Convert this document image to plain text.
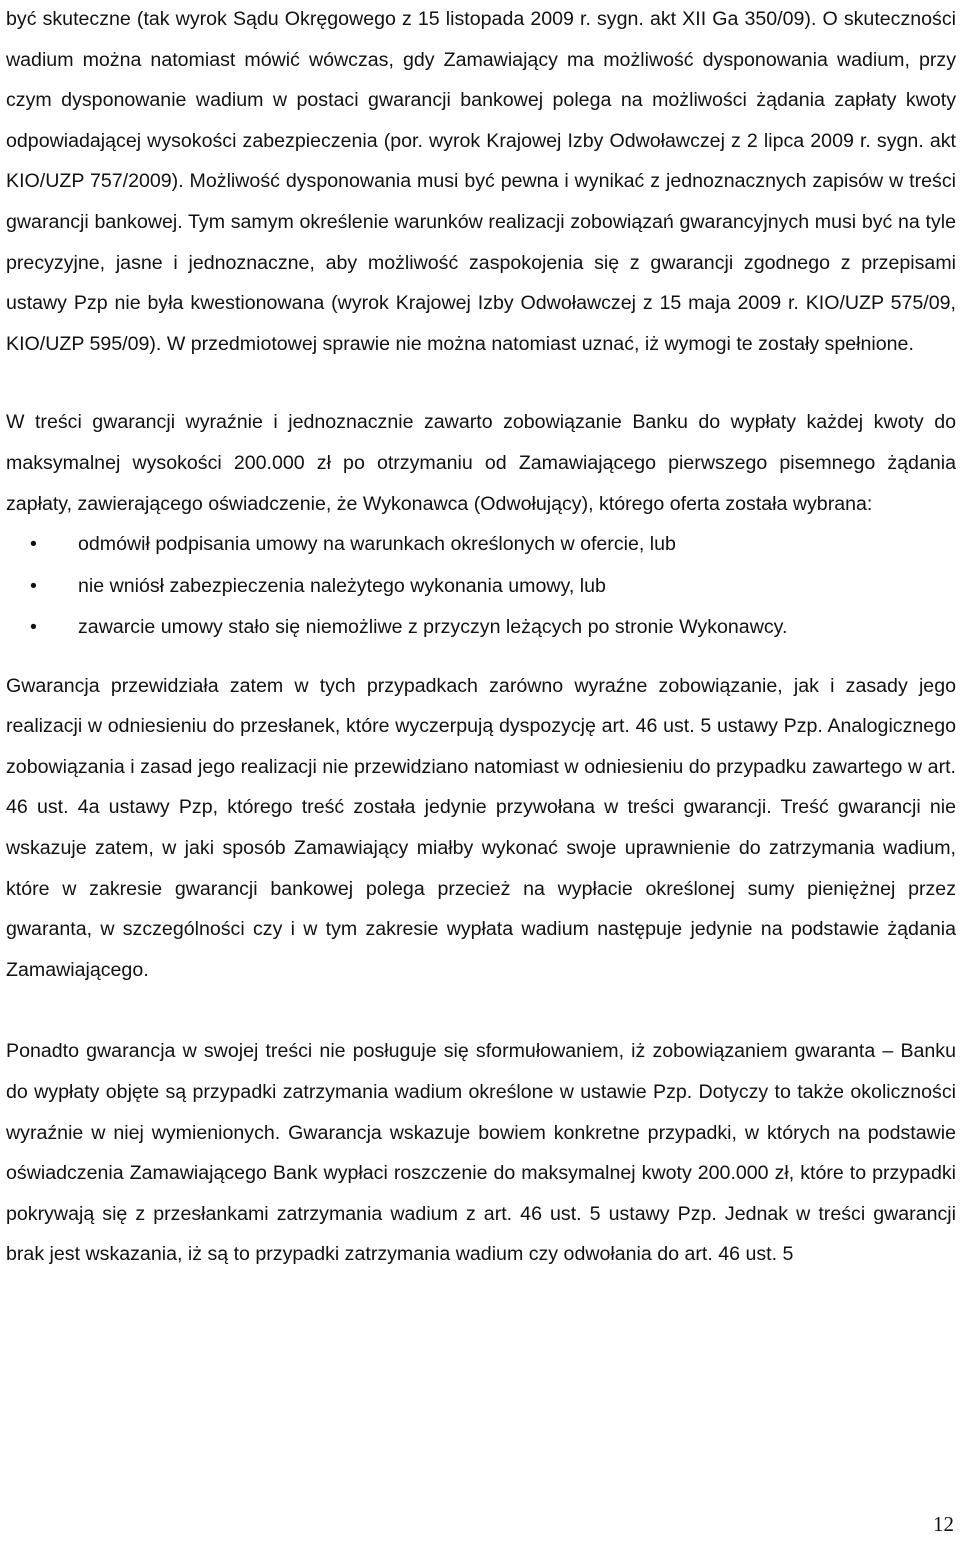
być skuteczne (tak wyrok Sądu Okręgowego z 15 listopada 2009 r. sygn. akt XII Ga 350/09). O skuteczności wadium można natomiast mówić wówczas, gdy Zamawiający ma możliwość dysponowania wadium, przy czym dysponowanie wadium w postaci gwarancji bankowej polega na możliwości żądania zapłaty kwoty odpowiadającej wysokości zabezpieczenia (por. wyrok Krajowej Izby Odwoławczej z 2 lipca 2009 r. sygn. akt KIO/UZP 757/2009). Możliwość dysponowania musi być pewna i wynikać z jednoznacznych zapisów w treści gwarancji bankowej. Tym samym określenie warunków realizacji zobowiązań gwarancyjnych musi być na tyle precyzyjne, jasne i jednoznaczne, aby możliwość zaspokojenia się z gwarancji zgodnego z przepisami ustawy Pzp nie była kwestionowana (wyrok Krajowej Izby Odwoławczej z 15 maja 2009 r. KIO/UZP 575/09, KIO/UZP 595/09). W przedmiotowej sprawie nie można natomiast uznać, iż wymogi te zostały spełnione.

W treści gwarancji wyraźnie i jednoznacznie zawarto zobowiązanie Banku do wypłaty każdej kwoty do maksymalnej wysokości 200.000 zł po otrzymaniu od Zamawiającego pierwszego pisemnego żądania zapłaty, zawierającego oświadczenie, że Wykonawca (Odwołujący), którego oferta została wybrana:

• odmówił podpisania umowy na warunkach określonych w ofercie, lub
• nie wniósł zabezpieczenia należytego wykonania umowy, lub
• zawarcie umowy stało się niemożliwe z przyczyn leżących po stronie Wykonawcy.

Gwarancja przewidziała zatem w tych przypadkach zarówno wyraźne zobowiązanie, jak i zasady jego realizacji w odniesieniu do przesłanek, które wyczerpują dyspozycję art. 46 ust. 5 ustawy Pzp. Analogicznego zobowiązania i zasad jego realizacji nie przewidziano natomiast w odniesieniu do przypadku zawartego w art. 46 ust. 4a ustawy Pzp, którego treść została jedynie przywołana w treści gwarancji. Treść gwarancji nie wskazuje zatem, w jaki sposób Zamawiający miałby wykonać swoje uprawnienie do zatrzymania wadium, które w zakresie gwarancji bankowej polega przecież na wypłacie określonej sumy pieniężnej przez gwaranta, w szczególności czy i w tym zakresie wypłata wadium następuje jedynie na podstawie żądania Zamawiającego.

Ponadto gwarancja w swojej treści nie posługuje się sformułowaniem, iż zobowiązaniem gwaranta – Banku do wypłaty objęte są przypadki zatrzymania wadium określone w ustawie Pzp. Dotyczy to także okoliczności wyraźnie w niej wymienionych. Gwarancja wskazuje bowiem konkretne przypadki, w których na podstawie oświadczenia Zamawiającego Bank wypłaci roszczenie do maksymalnej kwoty 200.000 zł, które to przypadki pokrywają się z przesłankami zatrzymania wadium z art. 46 ust. 5 ustawy Pzp. Jednak w treści gwarancji brak jest wskazania, iż są to przypadki zatrzymania wadium czy odwołania do art. 46 ust. 5

12
